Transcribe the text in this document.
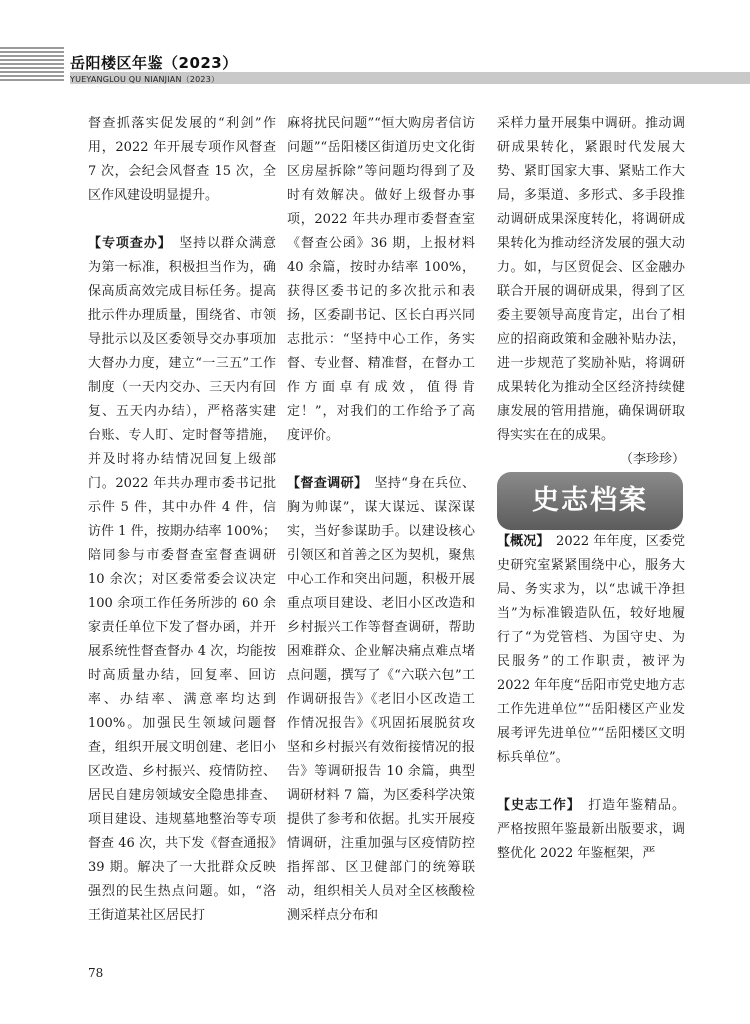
岳阳楼区年鉴（2023）
YUEYANGLOU QU NIANJIAN（2023）

督查抓落实促发展的“利剑”作用，2022 年开展专项作风督查 7 次，会纪会风督查 15 次，全区作风建设明显提升。

【专项查办】　坚持以群众满意为第一标准，积极担当作为，确保高质高效完成目标任务。提高批示件办理质量，围绕省、市领导批示以及区委领导交办事项加大督办力度，建立“一三五”工作制度（一天内交办、三天内有回复、五天内办结），严格落实建台账、专人盯、定时督等措施，并及时将办结情况回复上级部门。2022 年共办理市委书记批示件 5 件，其中办件 4 件，信访件 1 件，按期办结率 100%；陪同参与市委督查室督查调研 10 余次；对区委常委会议决定 100 余项工作任务所涉的 60 余家责任单位下发了督办函，并开展系统性督查督办 4 次，均能按时高质量办结，回复率、回访率、办结率、满意率均达到 100%。加强民生领域问题督查，组织开展文明创建、老旧小区改造、乡村振兴、疫情防控、居民自建房领域安全隐患排查、项目建设、违规墓地整治等专项督查 46 次，共下发《督查通报》39 期。解决了一大批群众反映强烈的民生热点问题。如，“洛王街道某社区居民打

麻将扰民问题”“恒大购房者信访问题”“岳阳楼区街道历史文化街区房屋拆除”等问题均得到了及时有效解决。做好上级督办事项，2022 年共办理市委督查室《督查公函》36 期，上报材料 40 余篇，按时办结率 100%，获得区委书记的多次批示和表扬，区委副书记、区长白再兴同志批示：“坚持中心工作，务实督、专业督、精准督，在督办工作方面卓有成效，值得肯定！”，对我们的工作给予了高度评价。

【督查调研】　坚持“身在兵位、胸为帅谋”，谋大谋远、谋深谋实，当好参谋助手。以建设核心引领区和首善之区为契机，聚焦中心工作和突出问题，积极开展重点项目建设、老旧小区改造和乡村振兴工作等督查调研，帮助困难群众、企业解决痛点难点堵点问题，撰写了《“六联六包”工作调研报告》《老旧小区改造工作情况报告》《巩固拓展脱贫攻坚和乡村振兴有效衔接情况的报告》等调研报告 10 余篇，典型调研材料 7 篇，为区委科学决策提供了参考和依据。扎实开展疫情调研，注重加强与区疫情防控指挥部、区卫健部门的统筹联动，组织相关人员对全区核酸检测采样点分布和

采样力量开展集中调研。推动调研成果转化，紧跟时代发展大势、紧盯国家大事、紧贴工作大局，多渠道、多形式、多手段推动调研成果深度转化，将调研成果转化为推动经济发展的强大动力。如，与区贸促会、区金融办联合开展的调研成果，得到了区委主要领导高度肯定，出台了相应的招商政策和金融补贴办法，进一步规范了奖励补贴，将调研成果转化为推动全区经济持续健康发展的管用措施，确保调研取得实实在在的成果。

（李珍珍）

史志档案

【概况】　2022 年年度，区委党史研究室紧紧围绕中心，服务大局、务实求为，以“忠诚干净担当”为标准锻造队伍，较好地履行了“为党管档、为国守史、为民服务”的工作职责，被评为 2022 年年度“岳阳市党史地方志工作先进单位”“岳阳楼区产业发展考评先进单位”“岳阳楼区文明标兵单位”。

【史志工作】　打造年鉴精品。严格按照年鉴最新出版要求，调整优化 2022 年鉴框架，严

78
